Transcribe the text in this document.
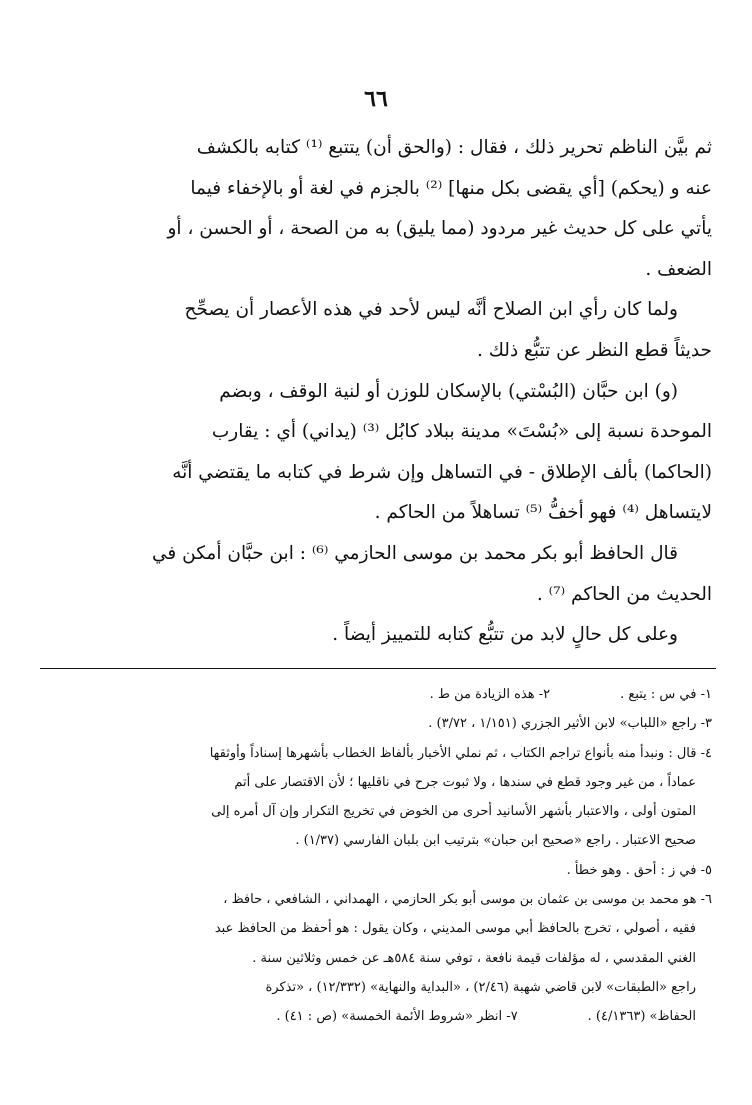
٦٦

ثم بيَّن الناظم تحرير ذلك ، فقال : (والحق أن) يتتبع ⁽¹⁾ كتابه بالكشف

عنه و (يحكم) [أي يقضى بكل منها] ⁽²⁾ بالجزم في لغة أو بالإخفاء فيما

يأتي على كل حديث غير مردود (مما يليق) به من الصحة ، أو الحسن ، أو

الضعف .

ولما كان رأي ابن الصلاح أنَّه ليس لأحد في هذه الأعصار أن يصحِّح

حديثاً قطع النظر عن تتبُّع ذلك .

(و) ابن حبَّان (البُسْتي) بالإسكان للوزن أو لنية الوقف ، وبضم

الموحدة نسبة إلى «بُسْتَ» مدينة ببلاد كابُل ⁽³⁾ (يداني) أي : يقارب

(الحاكما) بألف الإطلاق - في التساهل وإن شرط في كتابه ما يقتضي أنَّه

لايتساهل ⁽⁴⁾ فهو أخفُّ ⁽⁵⁾ تساهلاً من الحاكم .

قال الحافظ أبو بكر محمد بن موسى الحازمي ⁽⁶⁾ : ابن حبَّان أمكن في

الحديث من الحاكم ⁽⁷⁾ .

وعلى كل حالٍ لابد من تتبُّع كتابه للتمييز أيضاً .

١- في س : يتبع .٢- هذه الزيادة من ط .

٣- راجع «اللباب» لابن الأثير الجزري (١/١٥١ ، ٣/٧٢) .

٤- قال : ونبدأ منه بأنواع تراجم الكتاب ، ثم نملي الأخبار بألفاظ الخطاب بأشهرها إسناداً وأوثقها

عماداً ، من غير وجود قطع في سندها ، ولا ثبوت جرح في ناقليها ؛ لأن الاقتصار على أتم

المتون أولى ، والاعتبار بأشهر الأسانيد أحرى من الخوض في تخريج التكرار وإن آل أمره إلى

صحيح الاعتبار . راجع «صحيح ابن حبان» بترتيب ابن بلبان الفارسي (١/٣٧) .

٥- في ز : أحق . وهو خطأ .

٦- هو محمد بن موسى بن عثمان بن موسى أبو بكر الحازمي ، الهمداني ، الشافعي ، حافظ ،

فقيه ، أصولي ، تخرج بالحافظ أبي موسى المديني ، وكان يقول : هو أحفظ من الحافظ عبد

الغني المقدسي ، له مؤلفات قيمة نافعة ، توفي سنة ٥٨٤هـ عن خمس وثلاثين سنة .

راجع «الطبقات» لابن قاضي شهبة (٢/٤٦) ، «البداية والنهاية» (١٢/٣٣٢) ، «تذكرة

الحفاظ» (٤/١٣٦٣) .٧- انظر «شروط الأئمة الخمسة» (ص : ٤١) .
